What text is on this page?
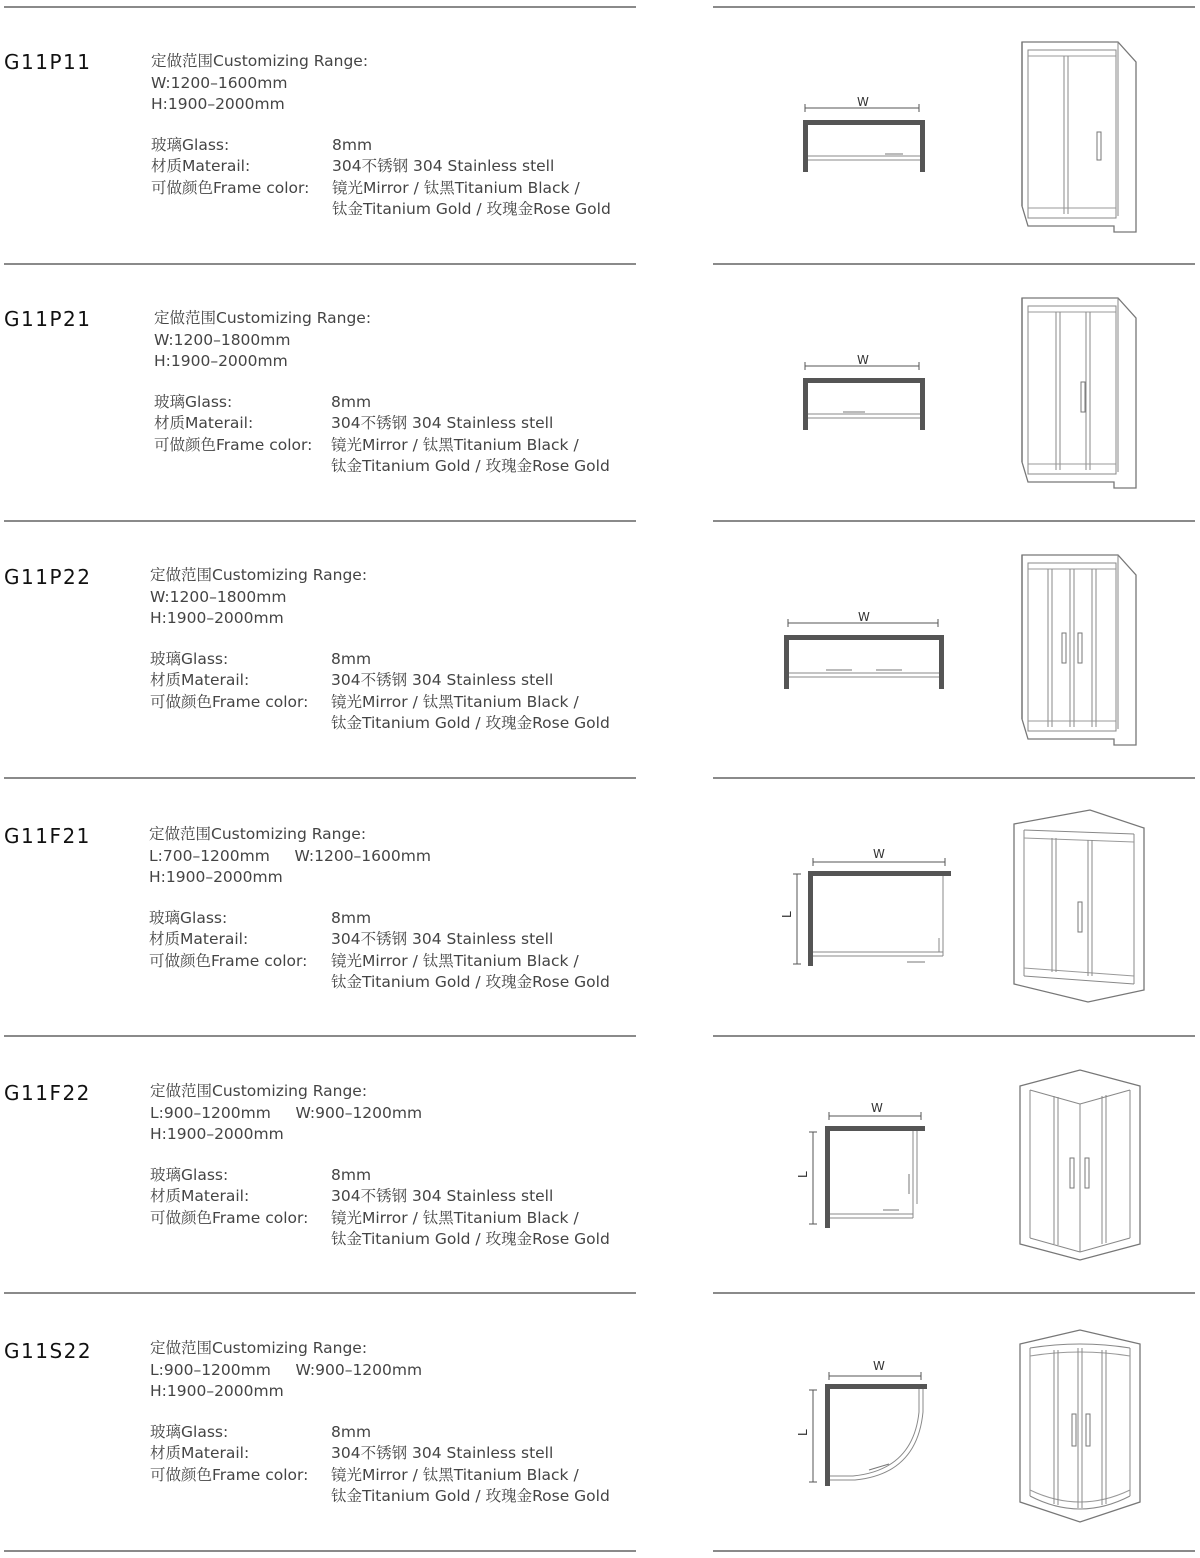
G11P11	定做范围Customizing Range:
W:1200–1600mm
H:1900–2000mm
玻璃Glass:	8mm
材质Materail:	304不锈钢 304 Stainless stell
可做颜色Frame color:	镜光Mirror / 钛黑Titanium Black /
钛金Titanium Gold / 玫瑰金Rose Gold
W
G11P21	定做范围Customizing Range:
W:1200–1800mm
H:1900–2000mm
玻璃Glass:	8mm
材质Materail:	304不锈钢 304 Stainless stell
可做颜色Frame color:	镜光Mirror / 钛黑Titanium Black /
钛金Titanium Gold / 玫瑰金Rose Gold
W
G11P22	定做范围Customizing Range:
W:1200–1800mm
H:1900–2000mm
玻璃Glass:	8mm
材质Materail:	304不锈钢 304 Stainless stell
可做颜色Frame color:	镜光Mirror / 钛黑Titanium Black /
钛金Titanium Gold / 玫瑰金Rose Gold
W
G11F21	定做范围Customizing Range:
L:700–1200mm     W:1200–1600mm
H:1900–2000mm
玻璃Glass:	8mm
材质Materail:	304不锈钢 304 Stainless stell
可做颜色Frame color:	镜光Mirror / 钛黑Titanium Black /
钛金Titanium Gold / 玫瑰金Rose Gold
W
L
G11F22	定做范围Customizing Range:
L:900–1200mm     W:900–1200mm
H:1900–2000mm
玻璃Glass:	8mm
材质Materail:	304不锈钢 304 Stainless stell
可做颜色Frame color:	镜光Mirror / 钛黑Titanium Black /
钛金Titanium Gold / 玫瑰金Rose Gold
W
L
G11S22	定做范围Customizing Range:
L:900–1200mm     W:900–1200mm
H:1900–2000mm
玻璃Glass:	8mm
材质Materail:	304不锈钢 304 Stainless stell
可做颜色Frame color:	镜光Mirror / 钛黑Titanium Black /
钛金Titanium Gold / 玫瑰金Rose Gold
W
L
